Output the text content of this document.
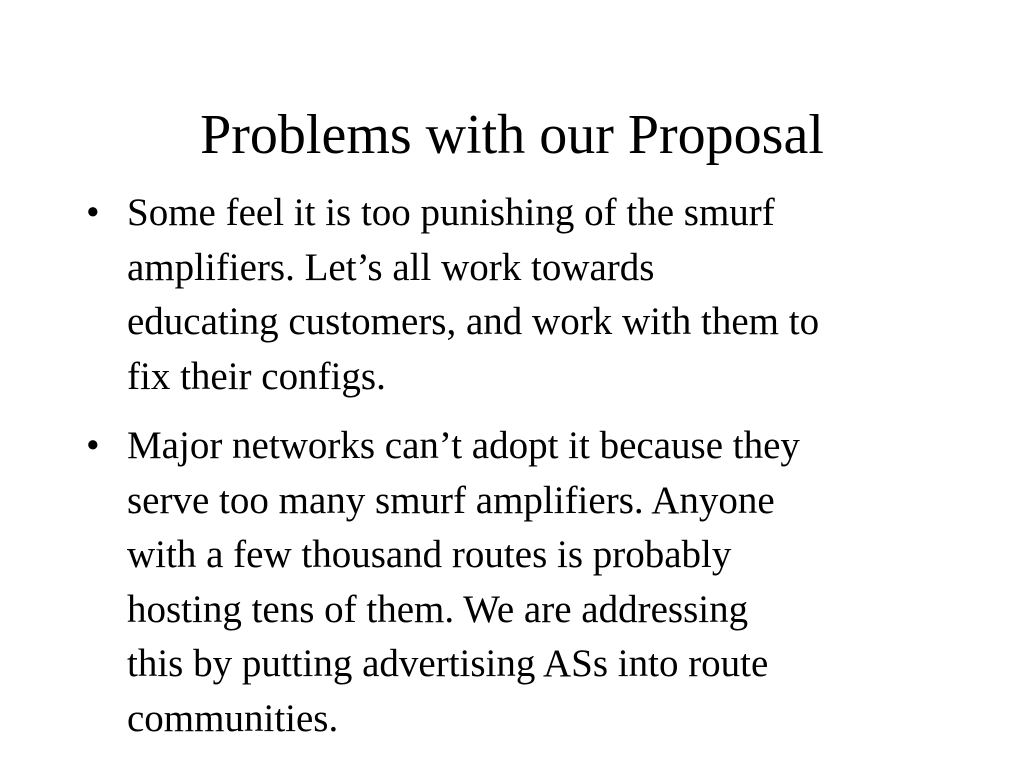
Problems with our Proposal
• Some feel it is too punishing of the smurf
amplifiers. Let’s all work towards
educating customers, and work with them to
fix their configs.
• Major networks can’t adopt it because they
serve too many smurf amplifiers. Anyone
with a few thousand routes is probably
hosting tens of them. We are addressing
this by putting advertising ASs into route
communities.
